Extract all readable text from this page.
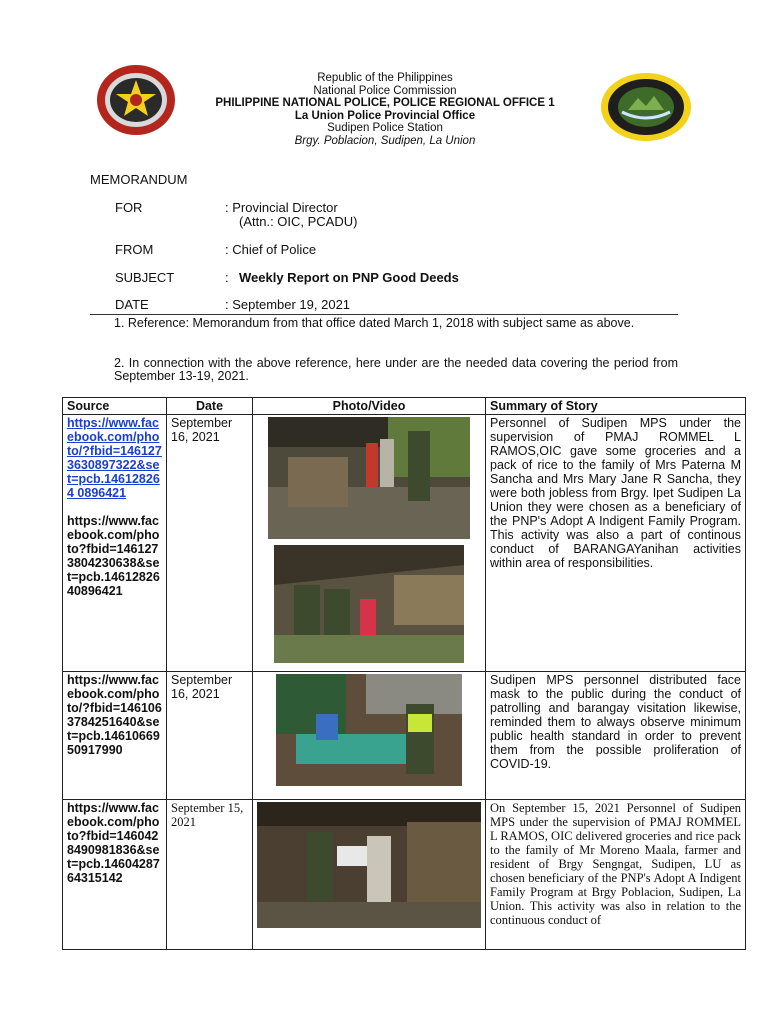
Republic of the Philippines
National Police Commission
PHILIPPINE NATIONAL POLICE, POLICE REGIONAL OFFICE 1
La Union Police Provincial Office
Sudipen Police Station
Brgy. Poblacion, Sudipen, La Union
MEMORANDUM
FOR	: Provincial Director
(Attn.: OIC, PCADU)
FROM	: Chief of Police
SUBJECT	: Weekly Report on PNP Good Deeds
DATE	: September 19, 2021
1. Reference: Memorandum from that office dated March 1, 2018 with subject same as above.
2. In connection with the above reference, here under are the needed data covering the period from September 13-19, 2021.
Source	Date	Photo/Video	Summary of Story

https://www.facebook.com/photo/?fbid=1461273630897322&set=pcb.146128264 0896421
https://www.facebook.com/photo?fbid=1461273804230638&set=pcb.1461282640896421	September 16, 2021		Personnel of Sudipen MPS under the supervision of PMAJ ROMMEL L RAMOS,OIC gave some groceries and a pack of rice to the family of Mrs Paterna M Sancha and Mrs Mary Jane R Sancha, they were both jobless from Brgy. Ipet Sudipen La Union they were chosen as a beneficiary of the PNP's Adopt A Indigent Family Program. This activity was also a part of continous conduct of BARANGAYanihan activities within area of responsibilities.

https://www.facebook.com/photo/?fbid=1461063784251640&set=pcb.1461066950917990	September 16, 2021		Sudipen MPS personnel distributed face mask to the public during the conduct of patrolling and barangay visitation likewise, reminded them to always observe minimum public health standard in order to prevent them from the possible proliferation of COVID-19.

https://www.facebook.com/photo?fbid=1460428490981836&set=pcb.1460428764315142	September 15, 2021		On September 15, 2021 Personnel of Sudipen MPS under the supervision of PMAJ ROMMEL L RAMOS, OIC delivered groceries and rice pack to the family of Mr Moreno Maala, farmer and resident of Brgy Sengngat, Sudipen, LU as chosen beneficiary of the PNP's Adopt A Indigent Family Program at Brgy Poblacion, Sudipen, La Union. This activity was also in relation to the continuous conduct of
